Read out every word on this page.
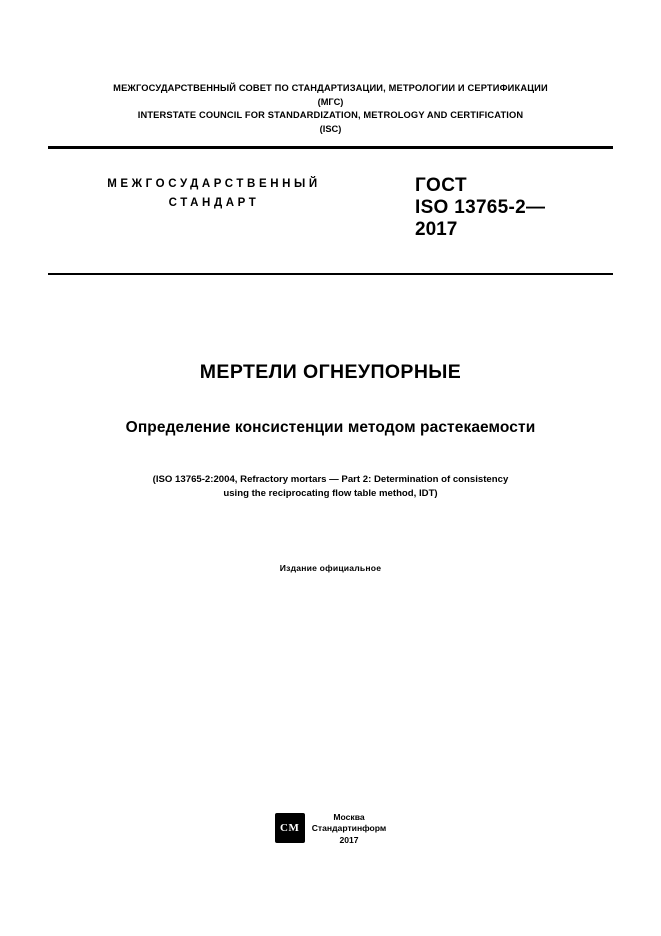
МЕЖГОСУДАРСТВЕННЫЙ СОВЕТ ПО СТАНДАРТИЗАЦИИ, МЕТРОЛОГИИ И СЕРТИФИКАЦИИ
(МГС)
INTERSTATE COUNCIL FOR STANDARDIZATION, METROLOGY AND CERTIFICATION
(ISC)
МЕЖГОСУДАРСТВЕННЫЙ
СТАНДАРТ
ГОСТ
ISO 13765-2—
2017
МЕРТЕЛИ ОГНЕУПОРНЫЕ
Определение консистенции методом растекаемости
(ISO 13765-2:2004, Refractory mortars — Part 2: Determination of consistency
using the reciprocating flow table method, IDT)
Издание официальное
СМ
Москва
Стандартинформ
2017
